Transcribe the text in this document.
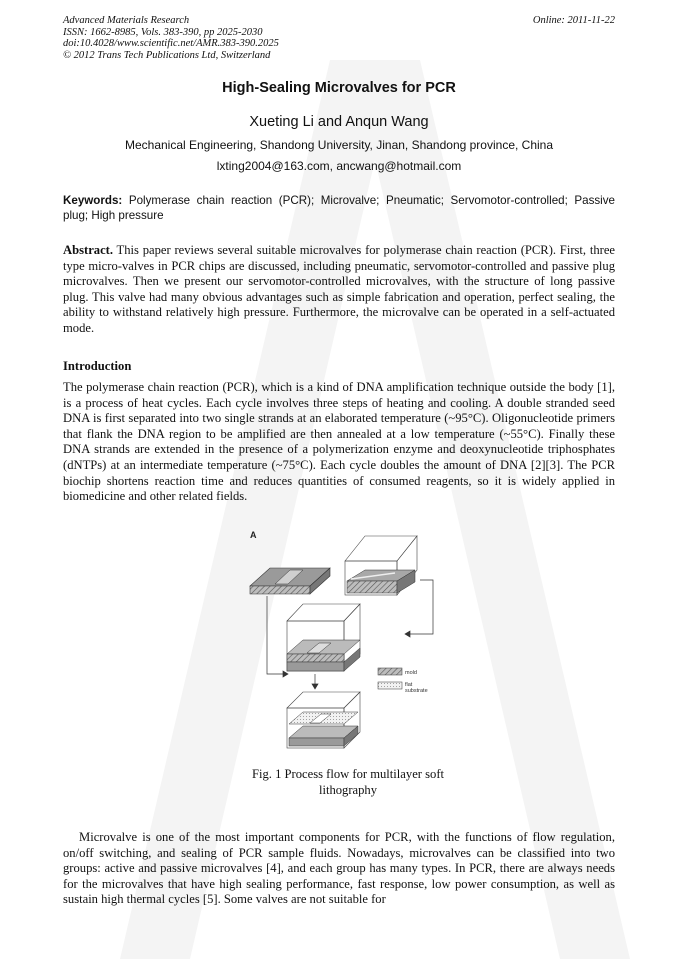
Advanced Materials Research
ISSN: 1662-8985, Vols. 383-390, pp 2025-2030
doi:10.4028/www.scientific.net/AMR.383-390.2025
© 2012 Trans Tech Publications Ltd, Switzerland
Online: 2011-11-22
High-Sealing Microvalves for PCR
Xueting Li and Anqun Wang
Mechanical Engineering, Shandong University, Jinan, Shandong province, China
lxting2004@163.com, ancwang@hotmail.com
Keywords: Polymerase chain reaction (PCR); Microvalve; Pneumatic; Servomotor-controlled; Passive plug; High pressure
Abstract. This paper reviews several suitable microvalves for polymerase chain reaction (PCR). First, three type micro-valves in PCR chips are discussed, including pneumatic, servomotor-controlled and passive plug microvalves. Then we present our servomotor-controlled microvalves, with the structure of long passive plug. This valve had many obvious advantages such as simple fabrication and operation, perfect sealing, the ability to withstand relatively high pressure. Furthermore, the microvalve can be operated in a self-actuated mode.
Introduction
The polymerase chain reaction (PCR), which is a kind of DNA amplification technique outside the body [1], is a process of heat cycles. Each cycle involves three steps of heating and cooling. A double stranded seed DNA is first separated into two single strands at an elaborated temperature (~95°C). Oligonucleotide primers that flank the DNA region to be amplified are then annealed at a low temperature (~55°C). Finally these DNA strands are extended in the presence of a polymerization enzyme and deoxynucleotide triphosphates (dNTPs) at an intermediate temperature (~75°C). Each cycle doubles the amount of DNA [2][3]. The PCR biochip shortens reaction time and reduces quantities of consumed reagents, so it is widely applied in biomedicine and other related fields.
A
mold
flat
substrate
Fig. 1 Process flow for multilayer soft
lithography
Microvalve is one of the most important components for PCR, with the functions of flow regulation, on/off switching, and sealing of PCR sample fluids. Nowadays, microvalves can be classified into two groups: active and passive microvalves [4], and each group has many types. In PCR, there are always needs for the microvalves that have high sealing performance, fast response, low power consumption, as well as sustain high thermal cycles [5]. Some valves are not suitable for
